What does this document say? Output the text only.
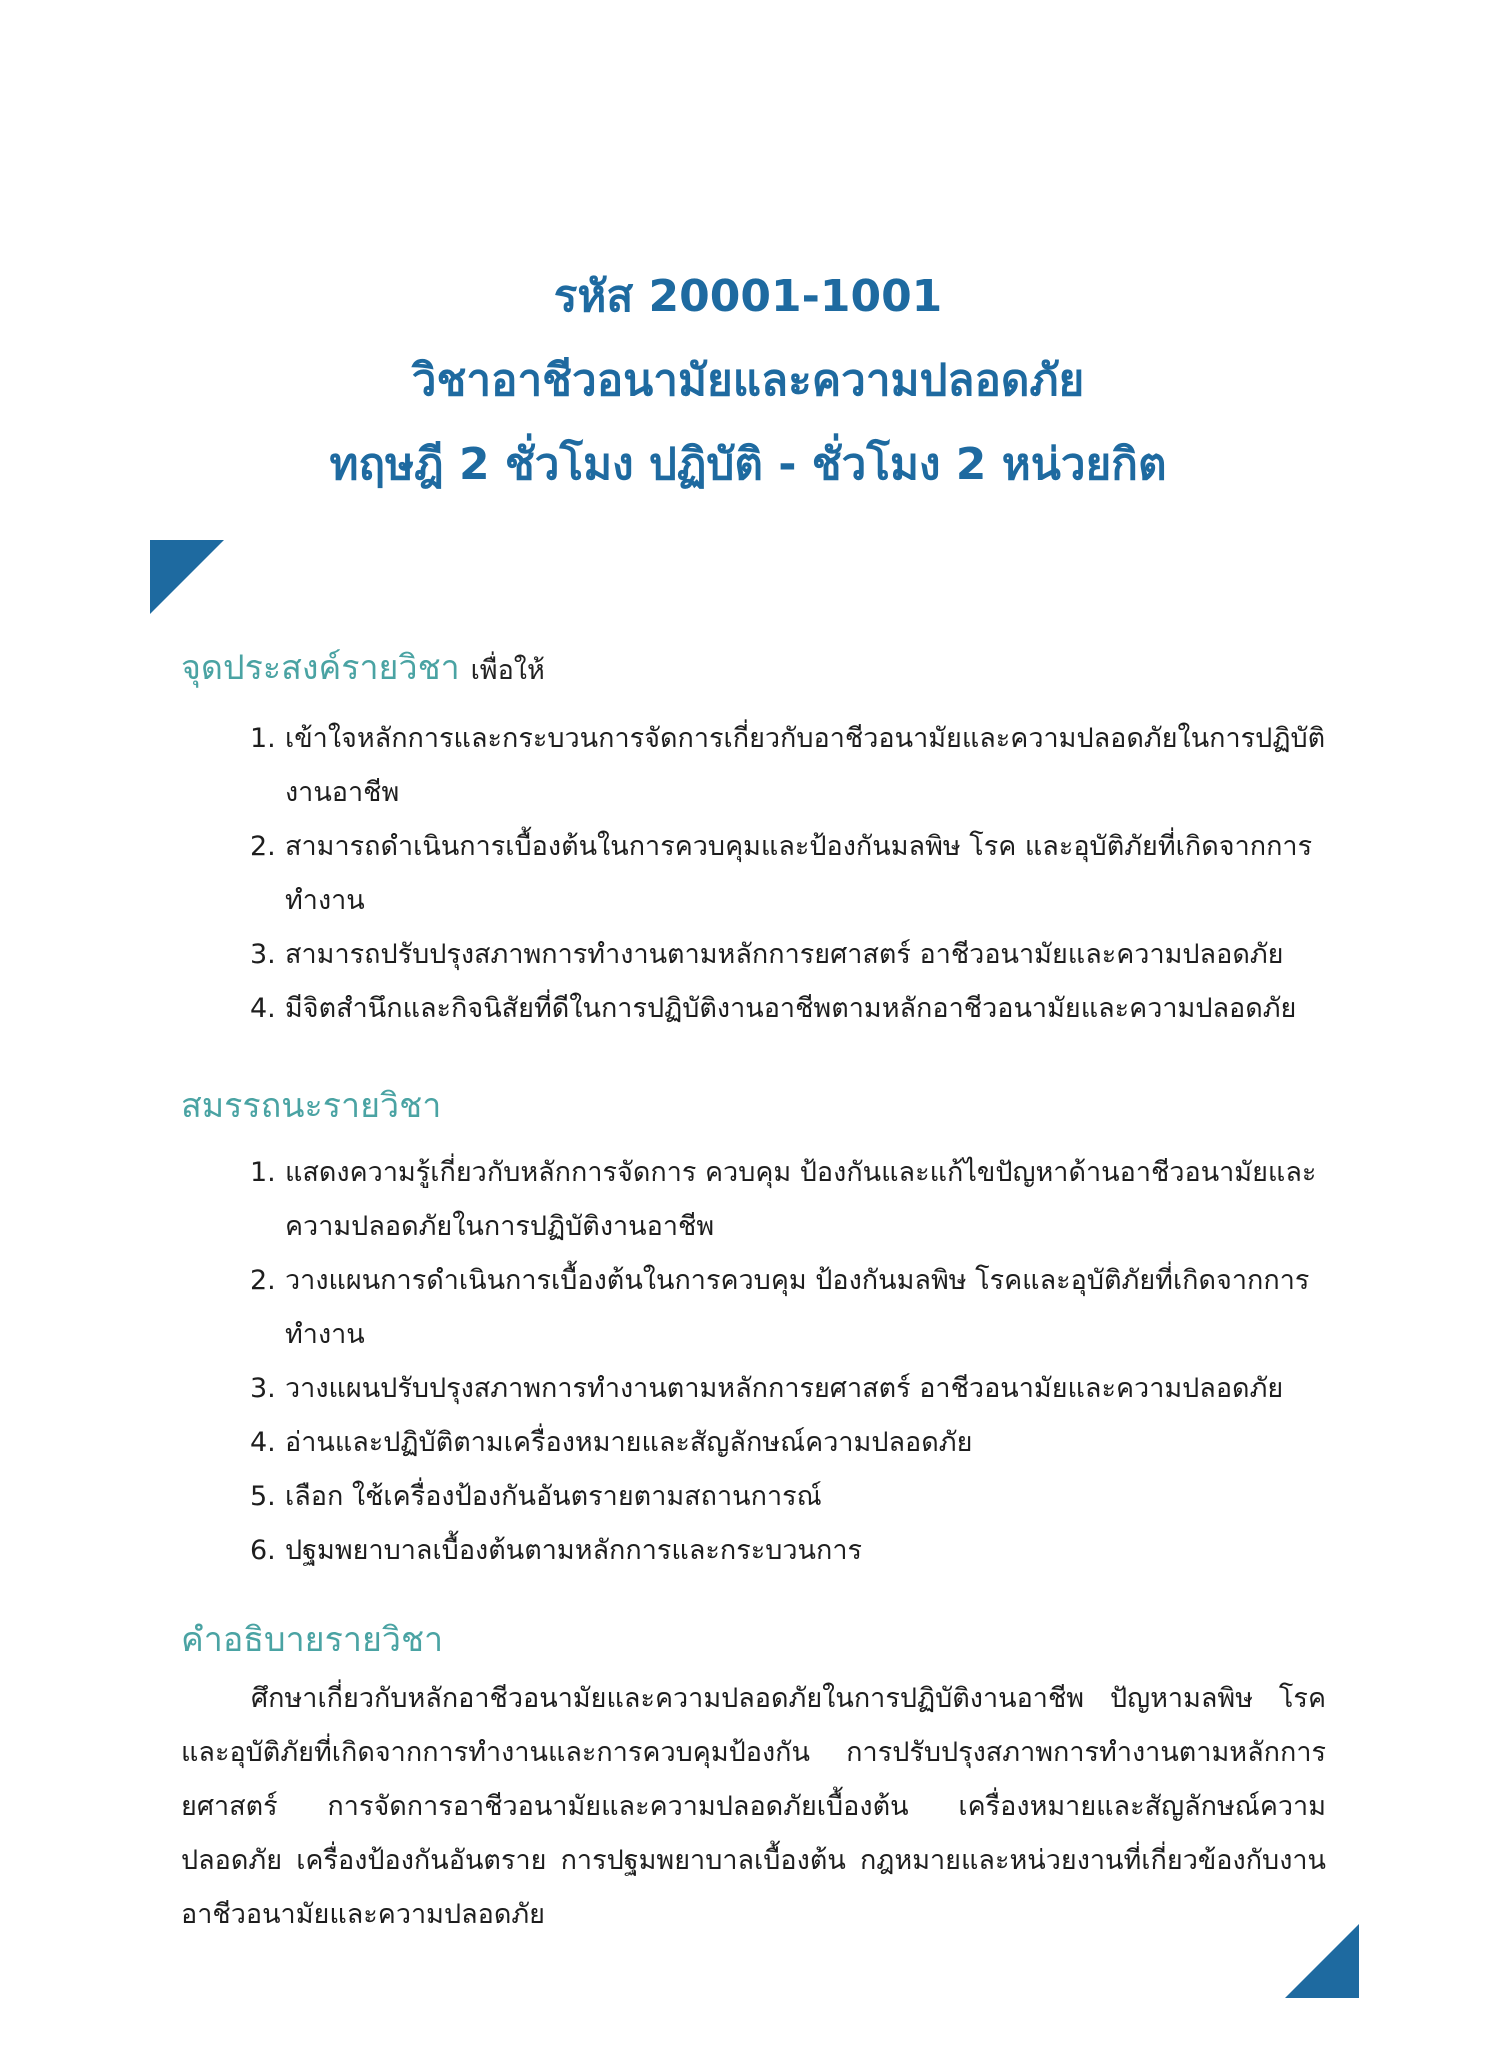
รหัส 20001-1001
วิชาอาชีวอนามัยและความปลอดภัย
ทฤษฎี 2 ชั่วโมง ปฏิบัติ - ชั่วโมง 2 หน่วยกิต
จุดประสงค์รายวิชา เพื่อให้
1. เข้าใจหลักการและกระบวนการจัดการเกี่ยวกับอาชีวอนามัยและความปลอดภัยในการปฏิบัติงานอาชีพ
2. สามารถดำเนินการเบื้องต้นในการควบคุมและป้องกันมลพิษ โรค และอุบัติภัยที่เกิดจากการทำงาน
3. สามารถปรับปรุงสภาพการทำงานตามหลักการยศาสตร์ อาชีวอนามัยและความปลอดภัย
4. มีจิตสำนึกและกิจนิสัยที่ดีในการปฏิบัติงานอาชีพตามหลักอาชีวอนามัยและความปลอดภัย
สมรรถนะรายวิชา
1. แสดงความรู้เกี่ยวกับหลักการจัดการ ควบคุม ป้องกันและแก้ไขปัญหาด้านอาชีวอนามัยและความปลอดภัยในการปฏิบัติงานอาชีพ
2. วางแผนการดำเนินการเบื้องต้นในการควบคุม ป้องกันมลพิษ โรคและอุบัติภัยที่เกิดจากการทำงาน
3. วางแผนปรับปรุงสภาพการทำงานตามหลักการยศาสตร์ อาชีวอนามัยและความปลอดภัย
4. อ่านและปฏิบัติตามเครื่องหมายและสัญลักษณ์ความปลอดภัย
5. เลือก ใช้เครื่องป้องกันอันตรายตามสถานการณ์
6. ปฐมพยาบาลเบื้องต้นตามหลักการและกระบวนการ
คำอธิบายรายวิชา

ศึกษาเกี่ยวกับหลักอาชีวอนามัยและความปลอดภัยในการปฏิบัติงานอาชีพ ปัญหามลพิษ โรคและอุบัติภัยที่เกิดจากการทำงานและการควบคุมป้องกัน การปรับปรุงสภาพการทำงานตามหลักการยศาสตร์ การจัดการอาชีวอนามัยและความปลอดภัยเบื้องต้น เครื่องหมายและสัญลักษณ์ความปลอดภัย เครื่องป้องกันอันตราย การปฐมพยาบาลเบื้องต้น กฎหมายและหน่วยงานที่เกี่ยวข้องกับงานอาชีวอนามัยและความปลอดภัย
